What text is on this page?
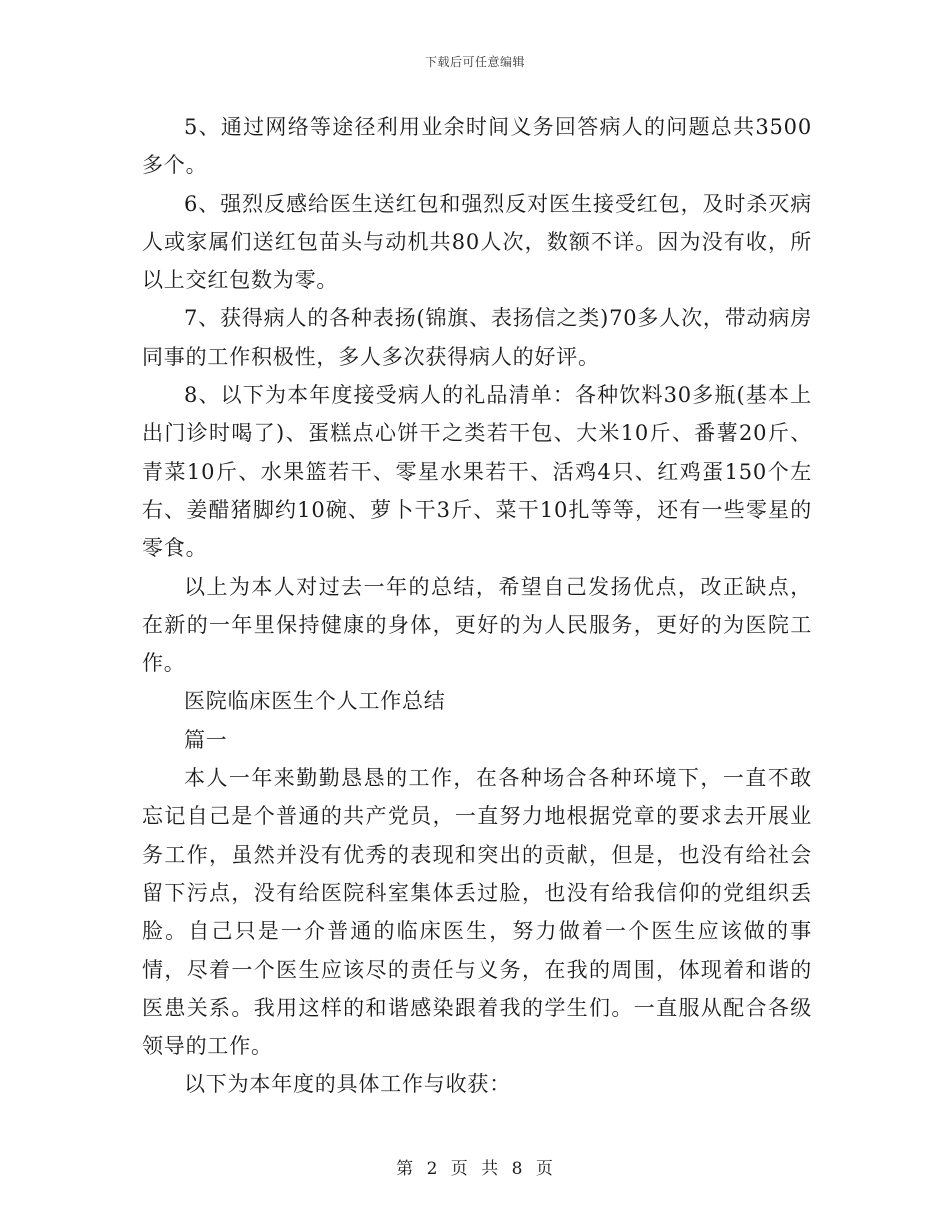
下载后可任意编辑

5、通过网络等途径利用业余时间义务回答病人的问题总共3500多个。

6、强烈反感给医生送红包和强烈反对医生接受红包，及时杀灭病人或家属们送红包苗头与动机共80人次，数额不详。因为没有收，所以上交红包数为零。

7、获得病人的各种表扬(锦旗、表扬信之类)70多人次，带动病房同事的工作积极性，多人多次获得病人的好评。

8、以下为本年度接受病人的礼品清单：各种饮料30多瓶(基本上出门诊时喝了)、蛋糕点心饼干之类若干包、大米10斤、番薯20斤、青菜10斤、水果篮若干、零星水果若干、活鸡4只、红鸡蛋150个左右、姜醋猪脚约10碗、萝卜干3斤、菜干10扎等等，还有一些零星的零食。

以上为本人对过去一年的总结，希望自己发扬优点，改正缺点，在新的一年里保持健康的身体，更好的为人民服务，更好的为医院工作。

医院临床医生个人工作总结

篇一

本人一年来勤勤恳恳的工作，在各种场合各种环境下，一直不敢忘记自己是个普通的共产党员，一直努力地根据党章的要求去开展业务工作，虽然并没有优秀的表现和突出的贡献，但是，也没有给社会留下污点，没有给医院科室集体丢过脸，也没有给我信仰的党组织丢脸。自己只是一介普通的临床医生，努力做着一个医生应该做的事情，尽着一个医生应该尽的责任与义务，在我的周围，体现着和谐的医患关系。我用这样的和谐感染跟着我的学生们。一直服从配合各级领导的工作。

以下为本年度的具体工作与收获：

第 2 页 共 8 页
